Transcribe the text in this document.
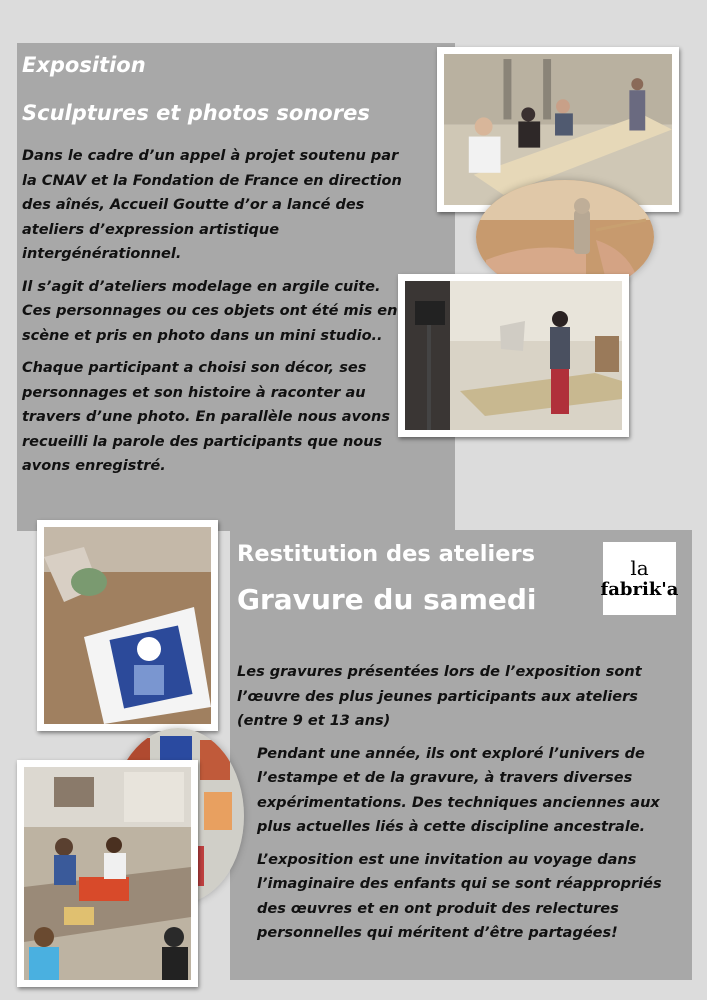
Exposition
Sculptures et photos sonores

Dans le cadre d’un appel à projet soutenu par la CNAV et la Fondation de France en direction des aînés, Accueil Goutte d’or a lancé des ateliers d’expression artistique intergénérationnel.

Il s’agit d’ateliers modelage en argile cuite. Ces personnages ou ces objets ont été mis en scène et pris en photo dans un mini studio..

Chaque participant a choisi son décor, ses personnages et son histoire à raconter au travers d’une photo. En parallèle nous avons recueilli la parole des participants que nous avons enregistré.

la
fabrik'a
Restitution des ateliers
Gravure du samedi

Les gravures présentées lors de l’exposition sont l’œuvre des plus jeunes participants aux ateliers (entre 9 et 13 ans)

Pendant une année, ils ont exploré l’univers de l’estampe et de la gravure, à travers diverses expérimentations. Des techniques anciennes aux plus actuelles liés à cette discipline ancestrale.

L’exposition est une invitation au voyage dans l’imaginaire des enfants qui se sont réappropriés des œuvres et en ont produit des relectures personnelles qui méritent d’être partagées!
